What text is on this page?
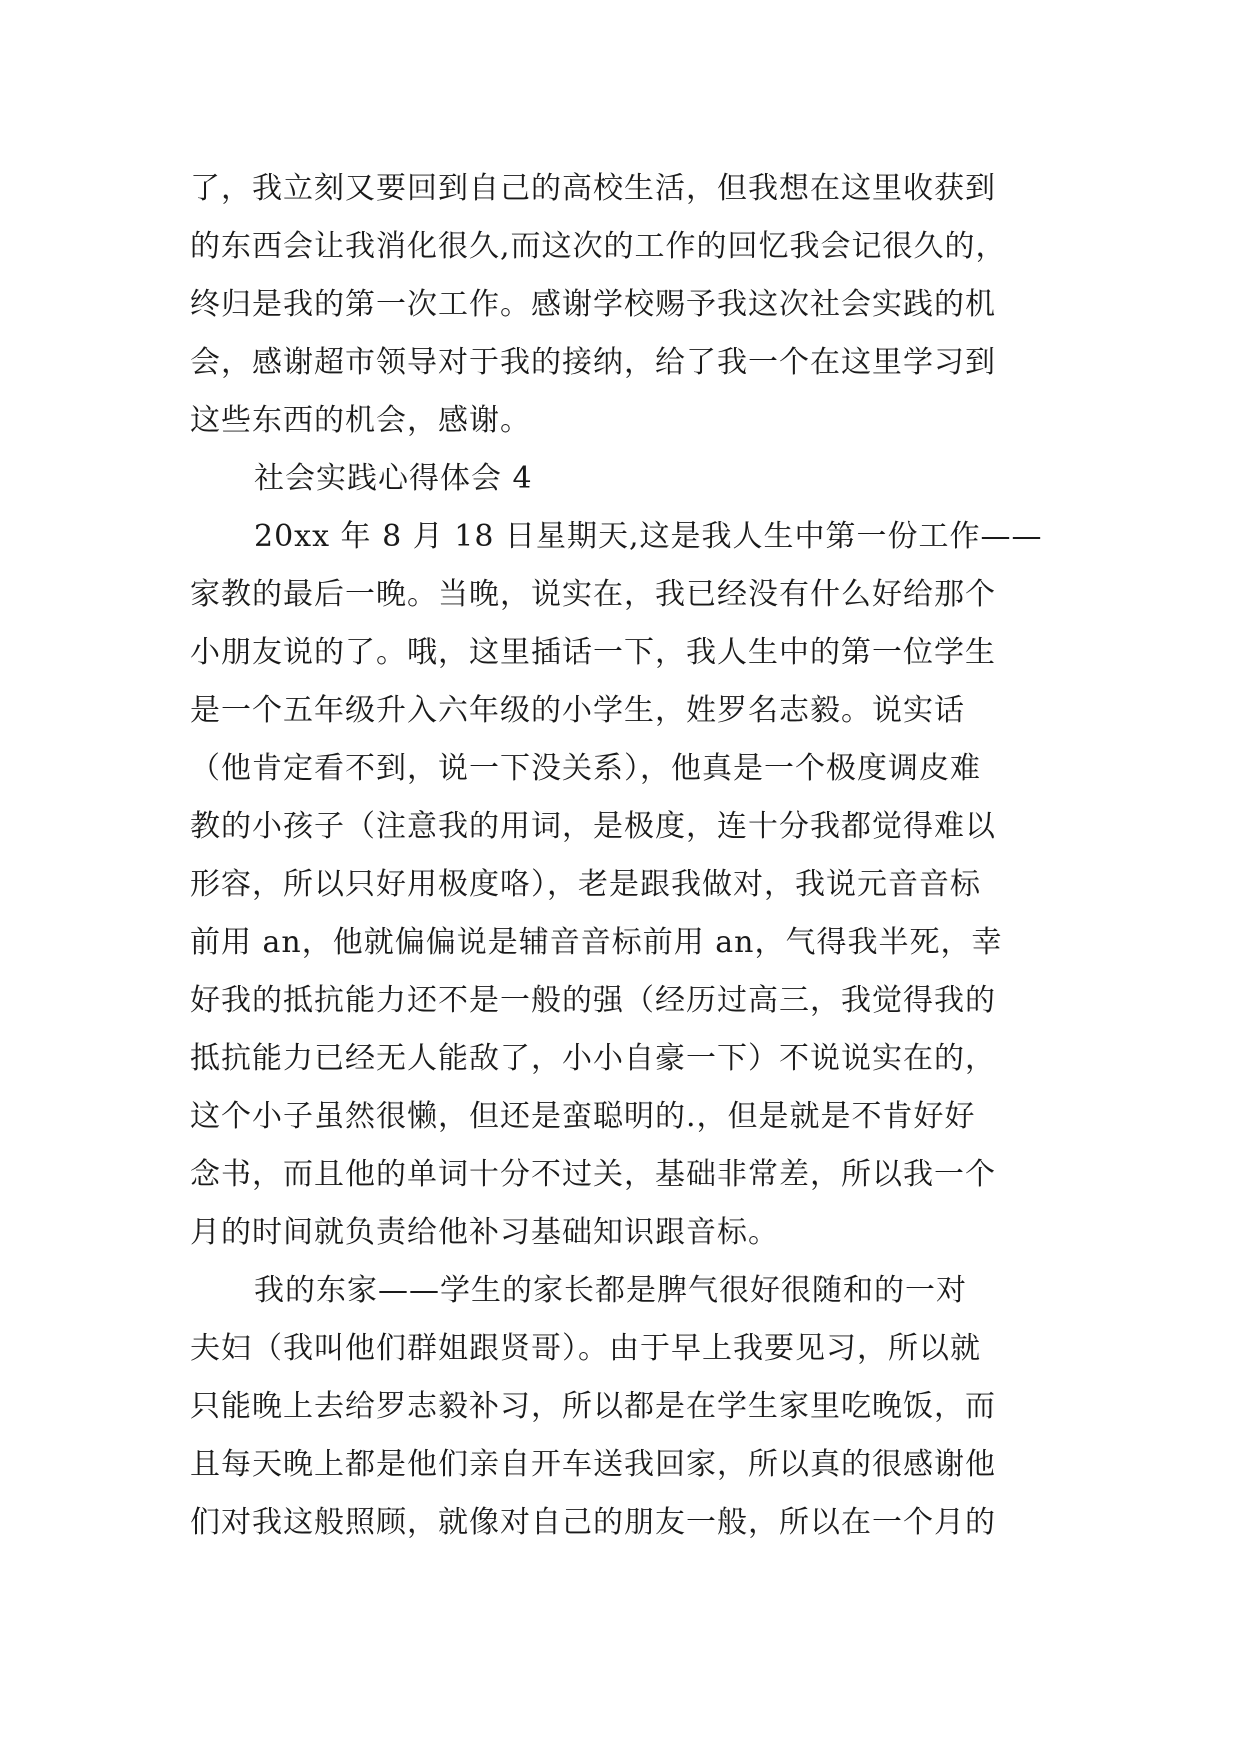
了，我立刻又要回到自己的高校生活，但我想在这里收获到
的东西会让我消化很久,而这次的工作的回忆我会记很久的，
终归是我的第一次工作。感谢学校赐予我这次社会实践的机
会，感谢超市领导对于我的接纳，给了我一个在这里学习到
这些东西的机会，感谢。
社会实践心得体会 4
20xx 年 8 月 18 日星期天,这是我人生中第一份工作——
家教的最后一晚。当晚，说实在，我已经没有什么好给那个
小朋友说的了。哦，这里插话一下，我人生中的第一位学生
是一个五年级升入六年级的小学生，姓罗名志毅。说实话
（他肯定看不到，说一下没关系），他真是一个极度调皮难
教的小孩子（注意我的用词，是极度，连十分我都觉得难以
形容，所以只好用极度咯），老是跟我做对，我说元音音标
前用 an，他就偏偏说是辅音音标前用 an，气得我半死，幸
好我的抵抗能力还不是一般的强（经历过高三，我觉得我的
抵抗能力已经无人能敌了，小小自豪一下）不说说实在的，
这个小子虽然很懒，但还是蛮聪明的.，但是就是不肯好好
念书，而且他的单词十分不过关，基础非常差，所以我一个
月的时间就负责给他补习基础知识跟音标。
我的东家——学生的家长都是脾气很好很随和的一对
夫妇（我叫他们群姐跟贤哥）。由于早上我要见习，所以就
只能晚上去给罗志毅补习，所以都是在学生家里吃晚饭，而
且每天晚上都是他们亲自开车送我回家，所以真的很感谢他
们对我这般照顾，就像对自己的朋友一般，所以在一个月的
